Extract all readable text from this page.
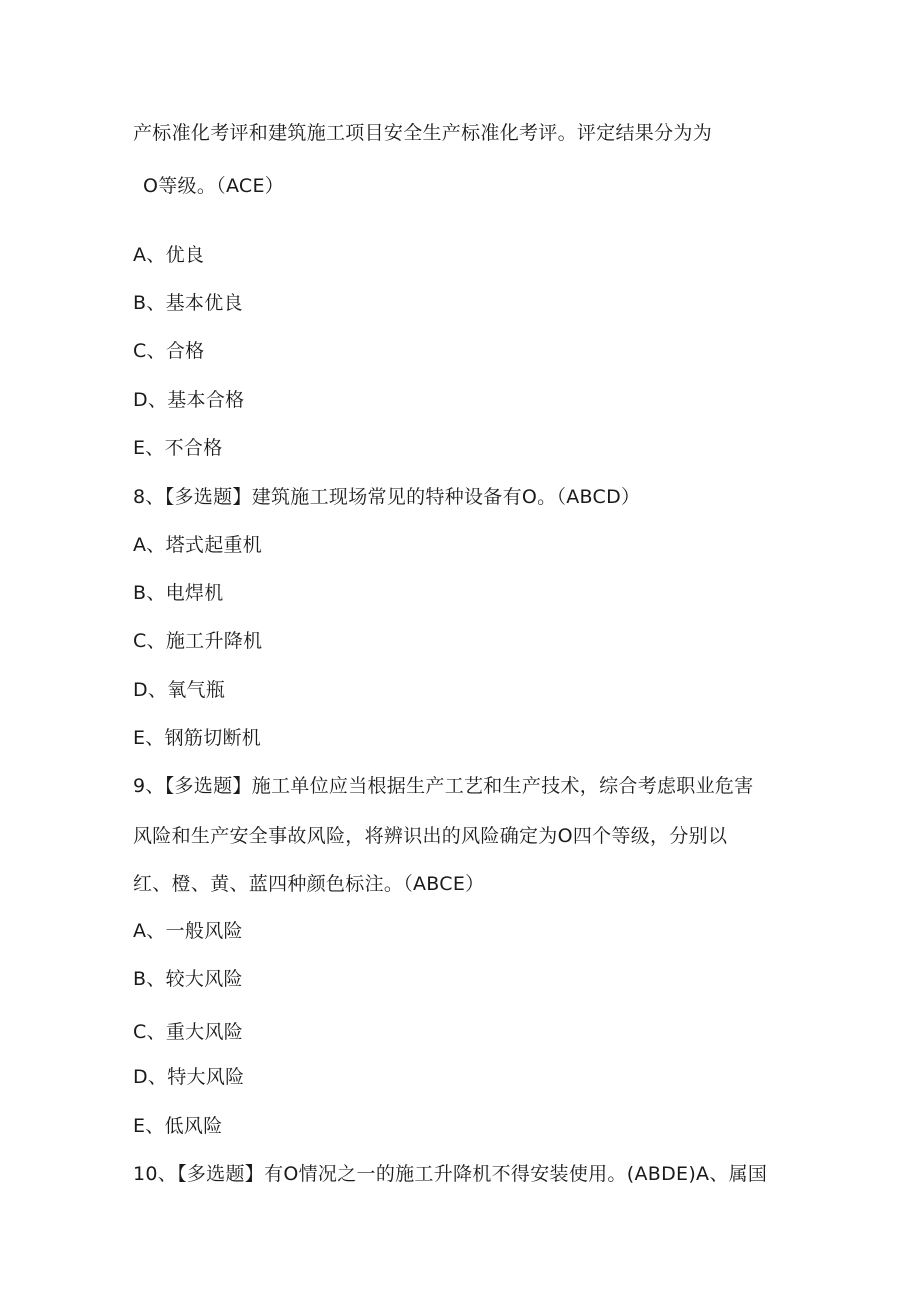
产标准化考评和建筑施工项目安全生产标准化考评。评定结果分为为
O等级。（ACE）
A、优良
B、基本优良
C、合格
D、基本合格
E、不合格
8、【多选题】建筑施工现场常见的特种设备有O。（ABCD）
A、塔式起重机
B、电焊机
C、施工升降机
D、氧气瓶
E、钢筋切断机
9、【多选题】施工单位应当根据生产工艺和生产技术，综合考虑职业危害
风险和生产安全事故风险，将辨识出的风险确定为O四个等级，分别以
红、橙、黄、蓝四种颜色标注。（ABCE）
A、一般风险
B、较大风险
C、重大风险
D、特大风险
E、低风险
10、【多选题】有O情况之一的施工升降机不得安装使用。(ABDE)A、属国
